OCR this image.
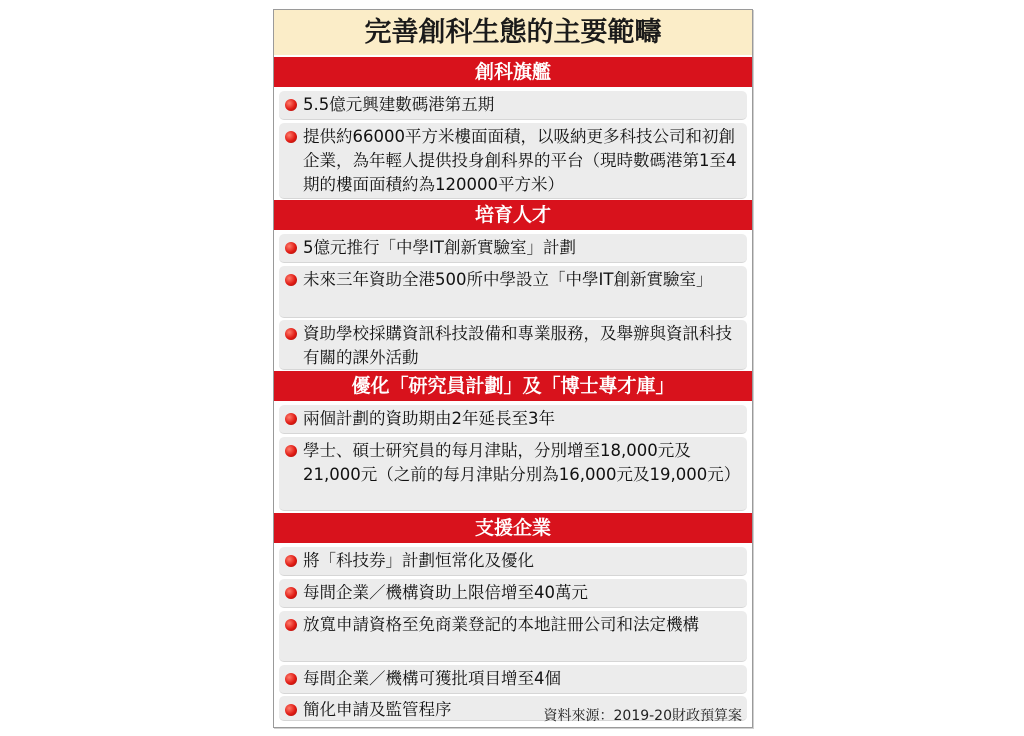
完善創科生態的主要範疇
創科旗艦
5.5億元興建數碼港第五期
提供約66000平方米樓面面積，以吸納更多科技公司和初創企業，為年輕人提供投身創科界的平台（現時數碼港第1至4期的樓面面積約為120000平方米）
培育人才
5億元推行「中學IT創新實驗室」計劃
未來三年資助全港500所中學設立「中學IT創新實驗室」
資助學校採購資訊科技設備和專業服務，及舉辦與資訊科技有關的課外活動
優化「研究員計劃」及「博士專才庫」
兩個計劃的資助期由2年延長至3年
學士、碩士研究員的每月津貼，分別增至18,000元及21,000元（之前的每月津貼分別為16,000元及19,000元）
支援企業
將「科技券」計劃恒常化及優化
每間企業／機構資助上限倍增至40萬元
放寬申請資格至免商業登記的本地註冊公司和法定機構
每間企業／機構可獲批項目增至4個
簡化申請及監管程序	資料來源：2019-20財政預算案
